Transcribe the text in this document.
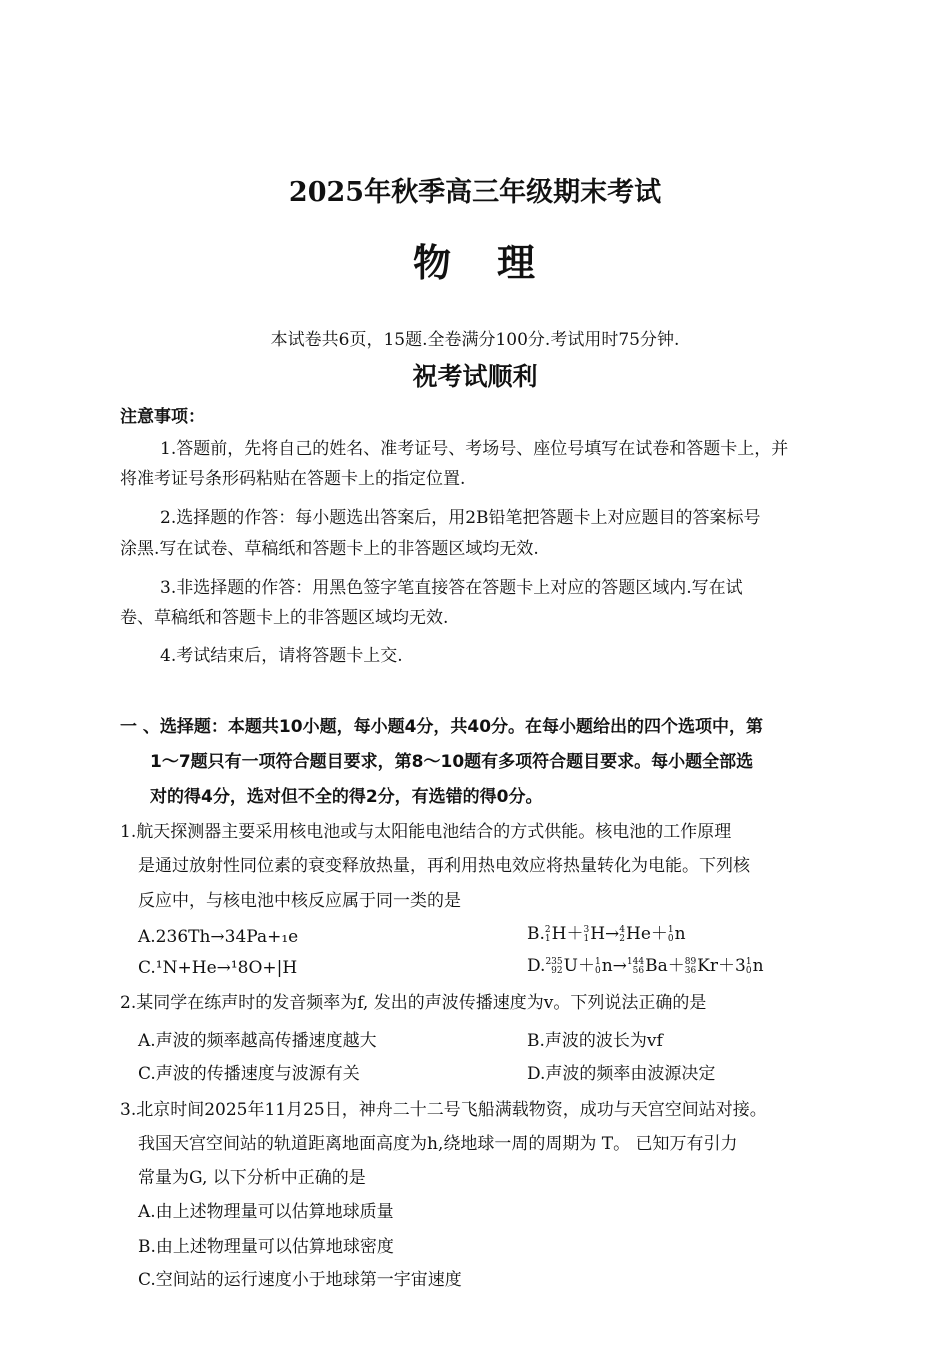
2025年秋季高三年级期末考试
物 理
本试卷共6页，15题.全卷满分100分.考试用时75分钟.
祝考试顺利
注意事项：
1.答题前，先将自己的姓名、准考证号、考场号、座位号填写在试卷和答题卡上，并
将准考证号条形码粘贴在答题卡上的指定位置.
2.选择题的作答：每小题选出答案后，用2B铅笔把答题卡上对应题目的答案标号
涂黑.写在试卷、草稿纸和答题卡上的非答题区域均无效.
3.非选择题的作答：用黑色签字笔直接答在答题卡上对应的答题区域内.写在试
卷、草稿纸和答题卡上的非答题区域均无效.
4.考试结束后，请将答题卡上交.
一 、选择题：本题共10小题，每小题4分，共40分。在每小题给出的四个选项中，第
1～7题只有一项符合题目要求，第8～10题有多项符合题目要求。每小题全部选
对的得4分，选对但不全的得2分，有选错的得0分。
1.航天探测器主要采用核电池或与太阳能电池结合的方式供能。核电池的工作原理
是通过放射性同位素的衰变释放热量，再利用热电效应将热量转化为电能。下列核
反应中，与核电池中核反应属于同一类的是
A.236Th→34Pa+₁e	B.2
1H＋3
1H→4
2He＋1
0n
C.¹N+He→¹8O+|H	D.235
92U＋1
0n→144
56Ba＋89
36Kr＋31
0n
2.某同学在练声时的发音频率为f, 发出的声波传播速度为v。下列说法正确的是
A.声波的频率越高传播速度越大	B.声波的波长为vf
C.声波的传播速度与波源有关	D.声波的频率由波源决定
3.北京时间2025年11月25日，神舟二十二号飞船满载物资，成功与天宫空间站对接。
我国天宫空间站的轨道距离地面高度为h,绕地球一周的周期为 T。 已知万有引力
常量为G, 以下分析中正确的是
A.由上述物理量可以估算地球质量
B.由上述物理量可以估算地球密度
C.空间站的运行速度小于地球第一宇宙速度
